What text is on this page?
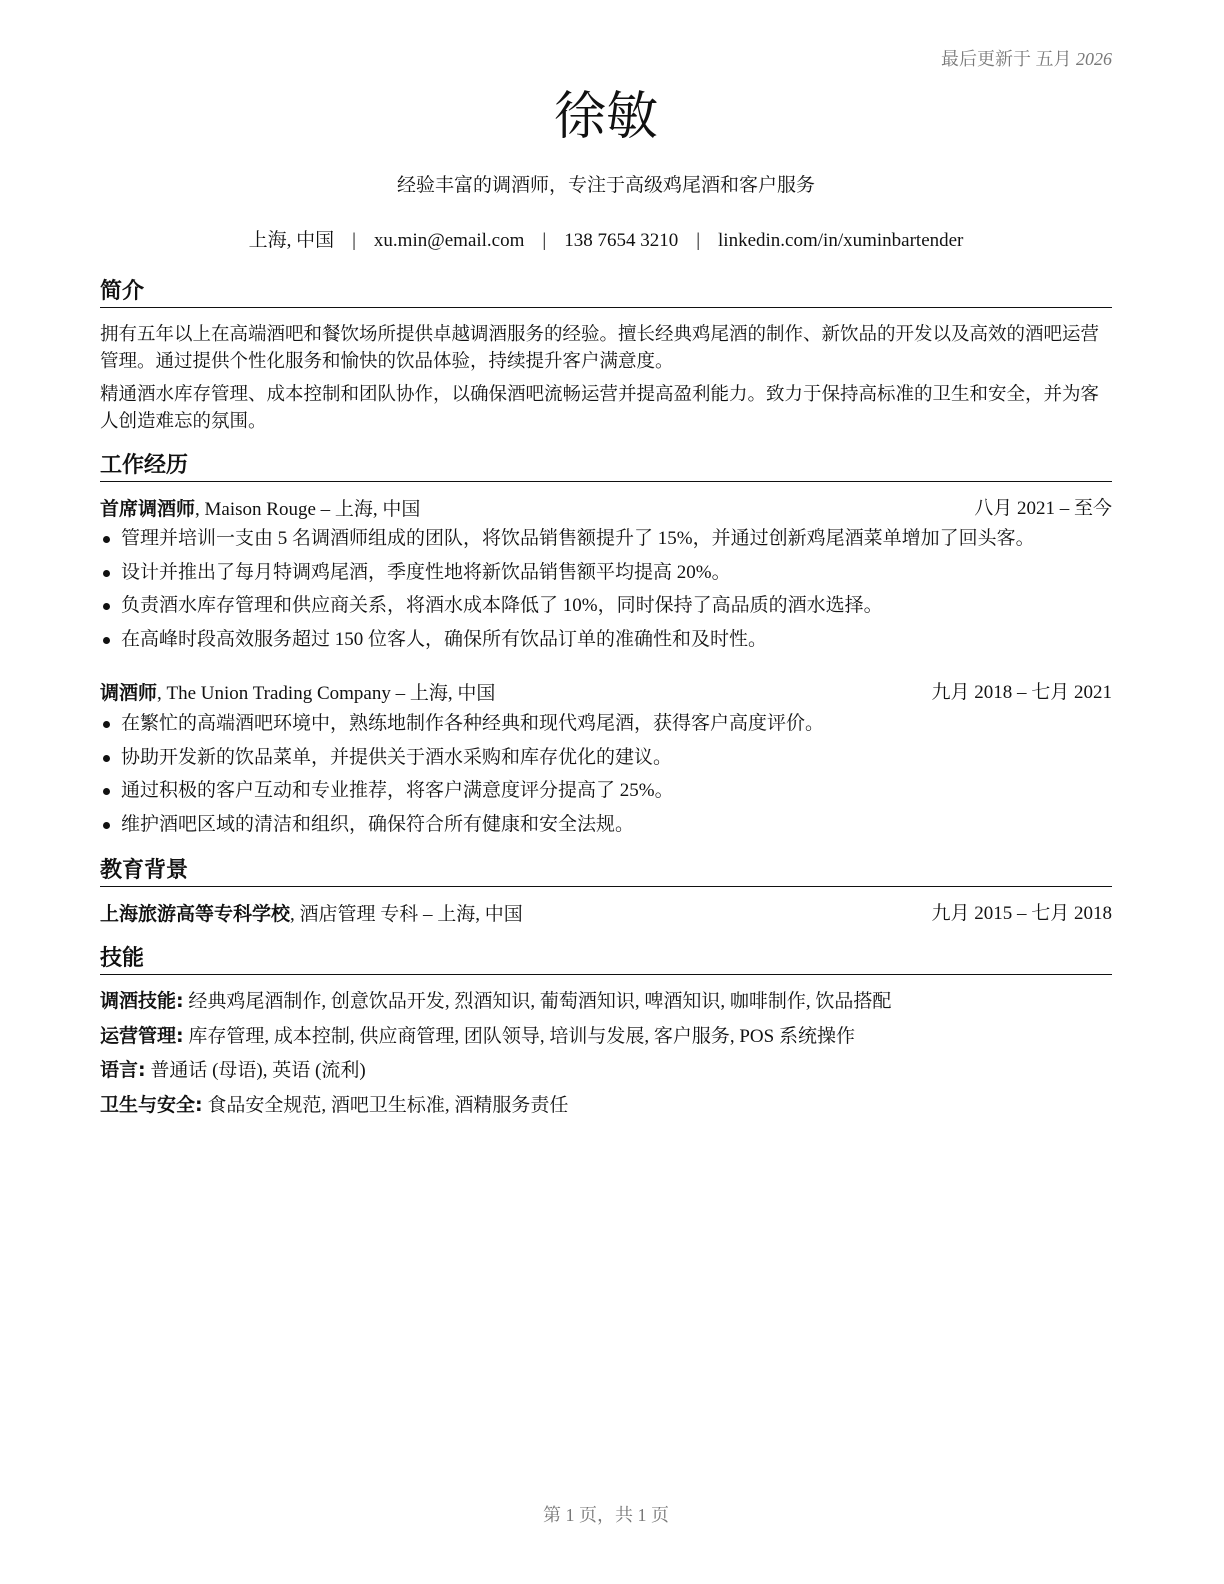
最后更新于 五月 2026
徐敏
经验丰富的调酒师，专注于高级鸡尾酒和客户服务
上海, 中国 | xu.min@email.com | 138 7654 3210 | linkedin.com/in/xuminbartender
简介
拥有五年以上在高端酒吧和餐饮场所提供卓越调酒服务的经验。擅长经典鸡尾酒的制作、新饮品的开发以及高效的酒吧运营管理。通过提供个性化服务和愉快的饮品体验，持续提升客户满意度。
精通酒水库存管理、成本控制和团队协作，以确保酒吧流畅运营并提高盈利能力。致力于保持高标准的卫生和安全，并为客人创造难忘的氛围。
工作经历
首席调酒师, Maison Rouge – 上海, 中国	八月 2021 – 至今
管理并培训一支由 5 名调酒师组成的团队，将饮品销售额提升了 15%，并通过创新鸡尾酒菜单增加了回头客。
设计并推出了每月特调鸡尾酒，季度性地将新饮品销售额平均提高 20%。
负责酒水库存管理和供应商关系，将酒水成本降低了 10%，同时保持了高品质的酒水选择。
在高峰时段高效服务超过 150 位客人，确保所有饮品订单的准确性和及时性。
调酒师, The Union Trading Company – 上海, 中国	九月 2018 – 七月 2021
在繁忙的高端酒吧环境中，熟练地制作各种经典和现代鸡尾酒，获得客户高度评价。
协助开发新的饮品菜单，并提供关于酒水采购和库存优化的建议。
通过积极的客户互动和专业推荐，将客户满意度评分提高了 25%。
维护酒吧区域的清洁和组织，确保符合所有健康和安全法规。
教育背景
上海旅游高等专科学校, 酒店管理 专科 – 上海, 中国	九月 2015 – 七月 2018
技能
调酒技能: 经典鸡尾酒制作, 创意饮品开发, 烈酒知识, 葡萄酒知识, 啤酒知识, 咖啡制作, 饮品搭配
运营管理: 库存管理, 成本控制, 供应商管理, 团队领导, 培训与发展, 客户服务, POS 系统操作
语言: 普通话 (母语), 英语 (流利)
卫生与安全: 食品安全规范, 酒吧卫生标准, 酒精服务责任
第 1 页，共 1 页
